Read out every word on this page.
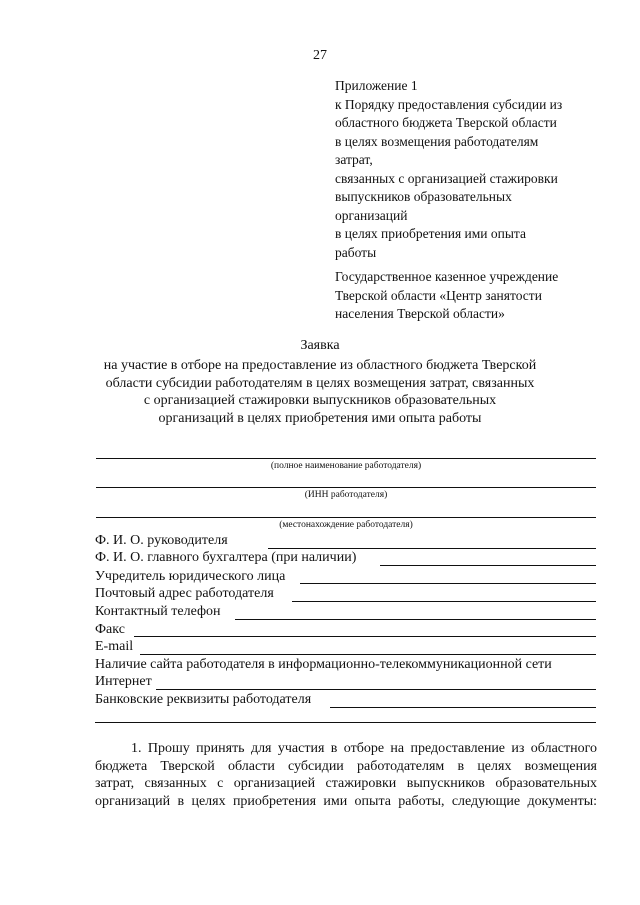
27
Приложение 1
к Порядку предоставления субсидии из
областного бюджета Тверской области
в целях возмещения работодателям
затрат,
связанных с организацией стажировки
выпускников образовательных
организаций
в целях приобретения ими опыта
работы
Государственное казенное учреждение
Тверской области «Центр занятости
населения Тверской области»
Заявка
на участие в отборе на предоставление из областного бюджета Тверской
области субсидии работодателям в целях возмещения затрат, связанных
с организацией стажировки выпускников образовательных
организаций в целях приобретения ими опыта работы
(полное наименование работодателя)
(ИНН работодателя)
(местонахождение работодателя)
Ф. И. О. руководителя
Ф. И. О. главного бухгалтера (при наличии)
Учредитель юридического лица
Почтовый адрес работодателя
Контактный телефон
Факс
E-mail
Наличие сайта работодателя в информационно-телекоммуникационной сети
Интернет
Банковские реквизиты работодателя
1. Прошу принять для участия в отборе на предоставление из областного
бюджета Тверской области субсидии работодателям в целях возмещения
затрат, связанных с организацией стажировки выпускников образовательных
организаций в целях приобретения ими опыта работы, следующие документы:
